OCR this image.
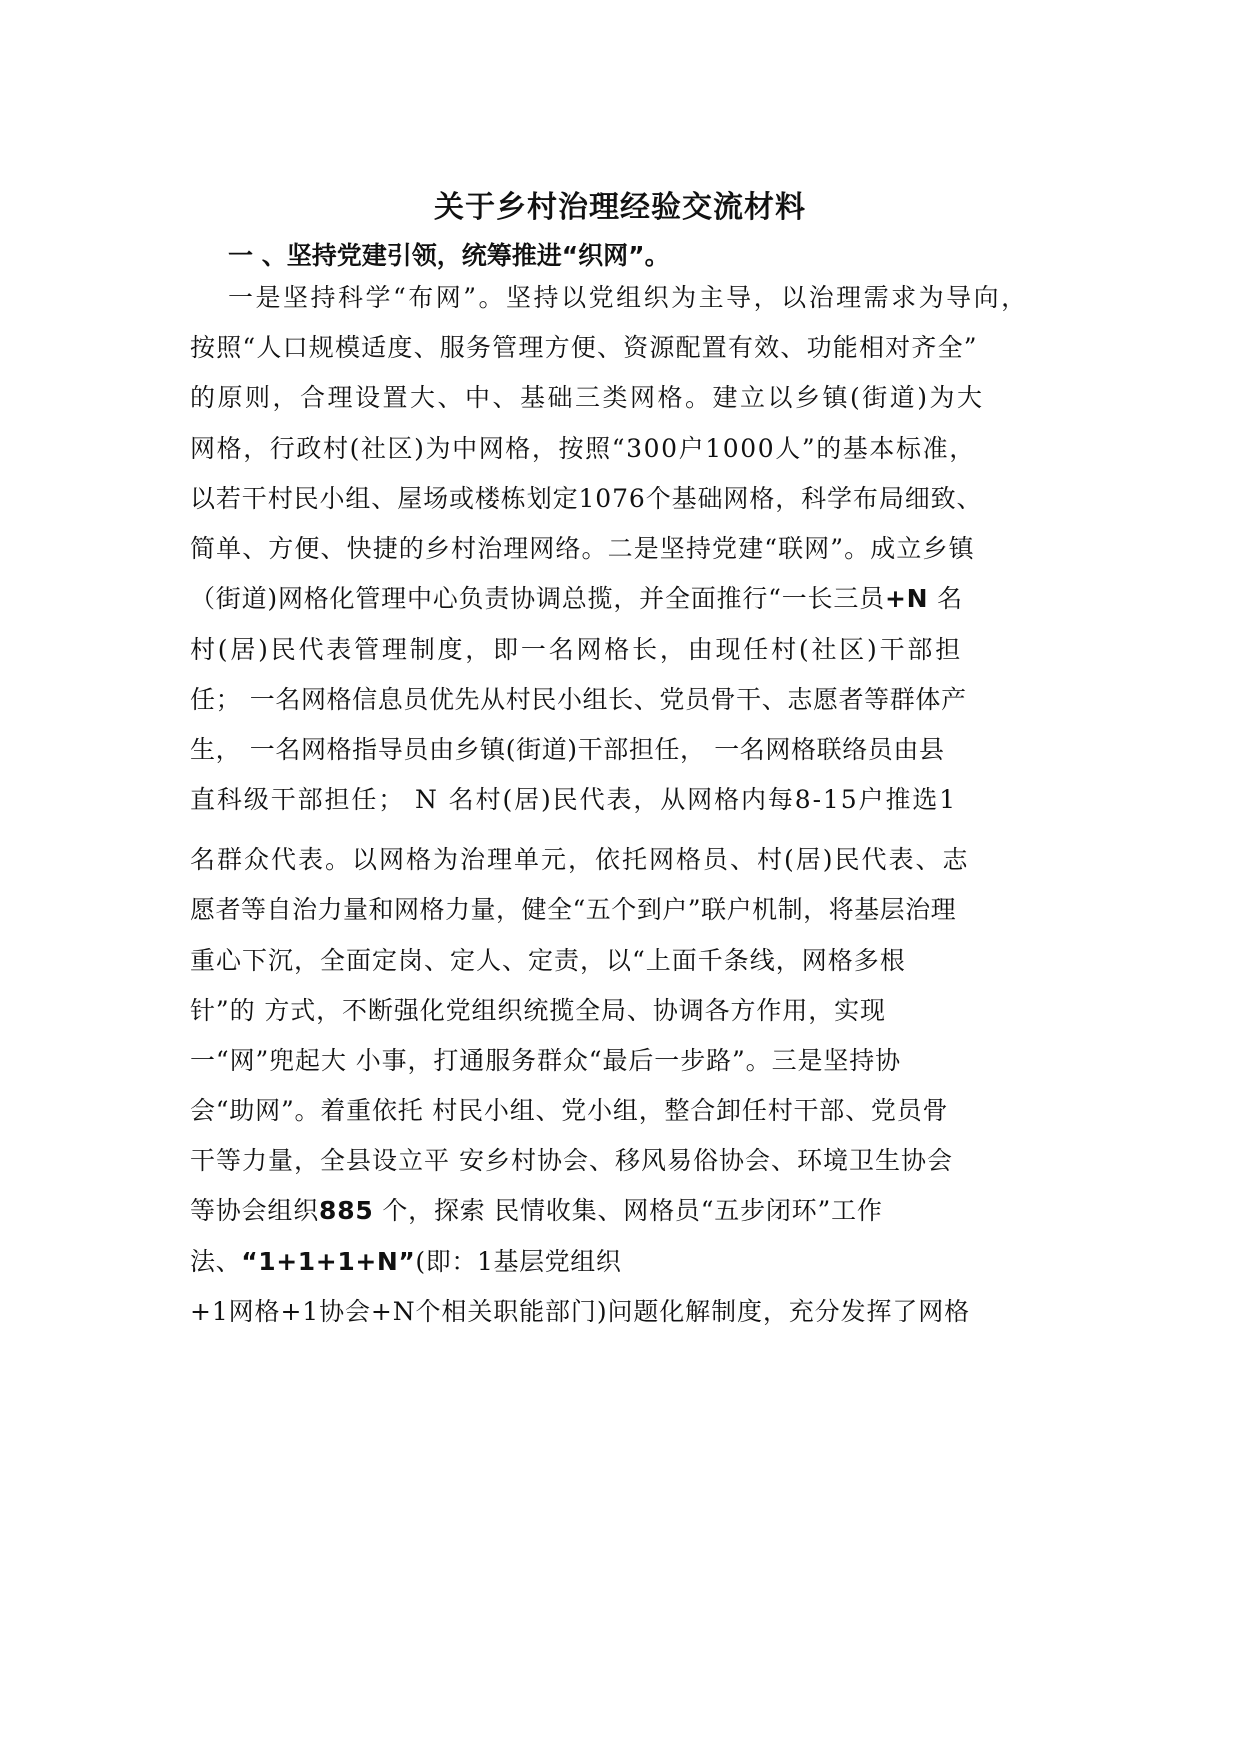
关于乡村治理经验交流材料
一 、坚持党建引领，统筹推进“织网”。
一是坚持科学“布网”。坚持以党组织为主导，以治理需求为导向，
按照“人口规模适度、服务管理方便、资源配置有效、功能相对齐全”
的原则，合理设置大、中、基础三类网格。建立以乡镇(街道)为大
网格，行政村(社区)为中网格，按照“300户1000人”的基本标准，
以若干村民小组、屋场或楼栋划定1076个基础网格，科学布局细致、
简单、方便、快捷的乡村治理网络。二是坚持党建“联网”。成立乡镇
（街道)网格化管理中心负责协调总揽，并全面推行“一长三员+N 名
村(居)民代表管理制度，即一名网格长，由现任村(社区)干部担
任； 一名网格信息员优先从村民小组长、党员骨干、志愿者等群体产
生， 一名网格指导员由乡镇(街道)干部担任， 一名网格联络员由县
直科级干部担任； N 名村(居)民代表，从网格内每8-15户推选1
名群众代表。以网格为治理单元，依托网格员、村(居)民代表、志
愿者等自治力量和网格力量，健全“五个到户”联户机制，将基层治理
重心下沉，全面定岗、定人、定责，以“上面千条线，网格多根
针”的 方式，不断强化党组织统揽全局、协调各方作用，实现
一“网”兜起大 小事，打通服务群众“最后一步路”。三是坚持协
会“助网”。着重依托 村民小组、党小组，整合卸任村干部、党员骨
干等力量，全县设立平 安乡村协会、移风易俗协会、环境卫生协会
等协会组织885 个，探索 民情收集、网格员“五步闭环”工作
法、“1+1+1+N”(即：1基层党组织
+1网格+1协会+N个相关职能部门)问题化解制度，充分发挥了网格
